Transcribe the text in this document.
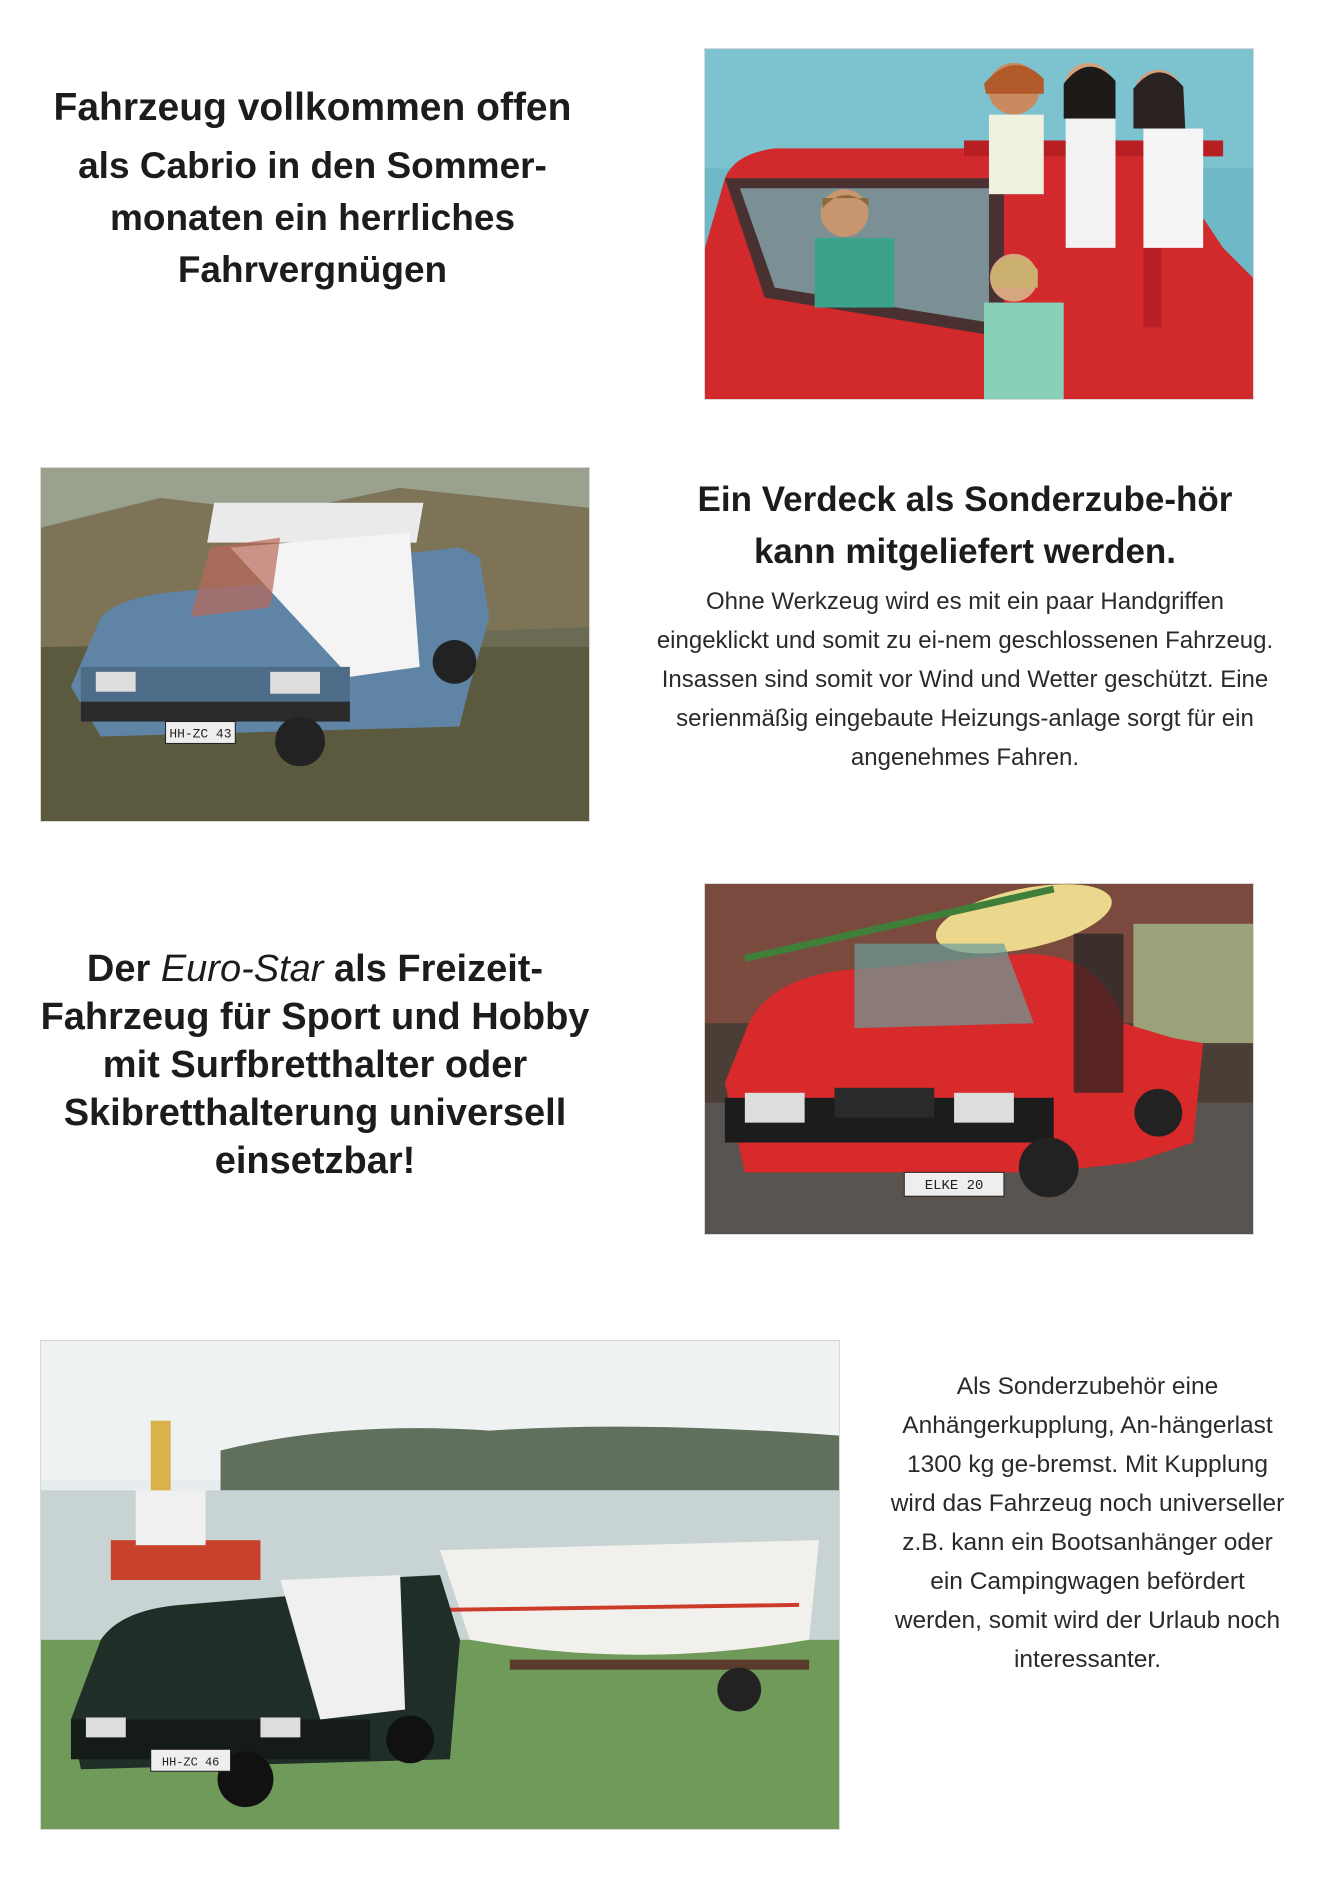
Fahrzeug vollkommen offen
als Cabrio in den Sommer-monaten ein herrliches Fahrvergnügen
HH-ZC 43
Ein Verdeck als Sonderzube-hör kann mitgeliefert werden.
Ohne Werkzeug wird es mit ein paar Handgriffen eingeklickt und somit zu ei-nem geschlossenen Fahrzeug. Insassen sind somit vor Wind und Wetter geschützt. Eine serienmäßig eingebaute Heizungs-anlage sorgt für ein angenehmes Fahren.
Der Euro-Star als Freizeit-Fahrzeug für Sport und Hobby mit Surfbretthalter oder Skibretthalterung universell einsetzbar!
ELKE 20
HH-ZC 46
Als Sonderzubehör eine Anhängerkupplung, An-hängerlast 1300 kg ge-bremst. Mit Kupplung wird das Fahrzeug noch universeller z.B. kann ein Bootsanhänger oder ein Campingwagen befördert werden, somit wird der Urlaub noch interessanter.
